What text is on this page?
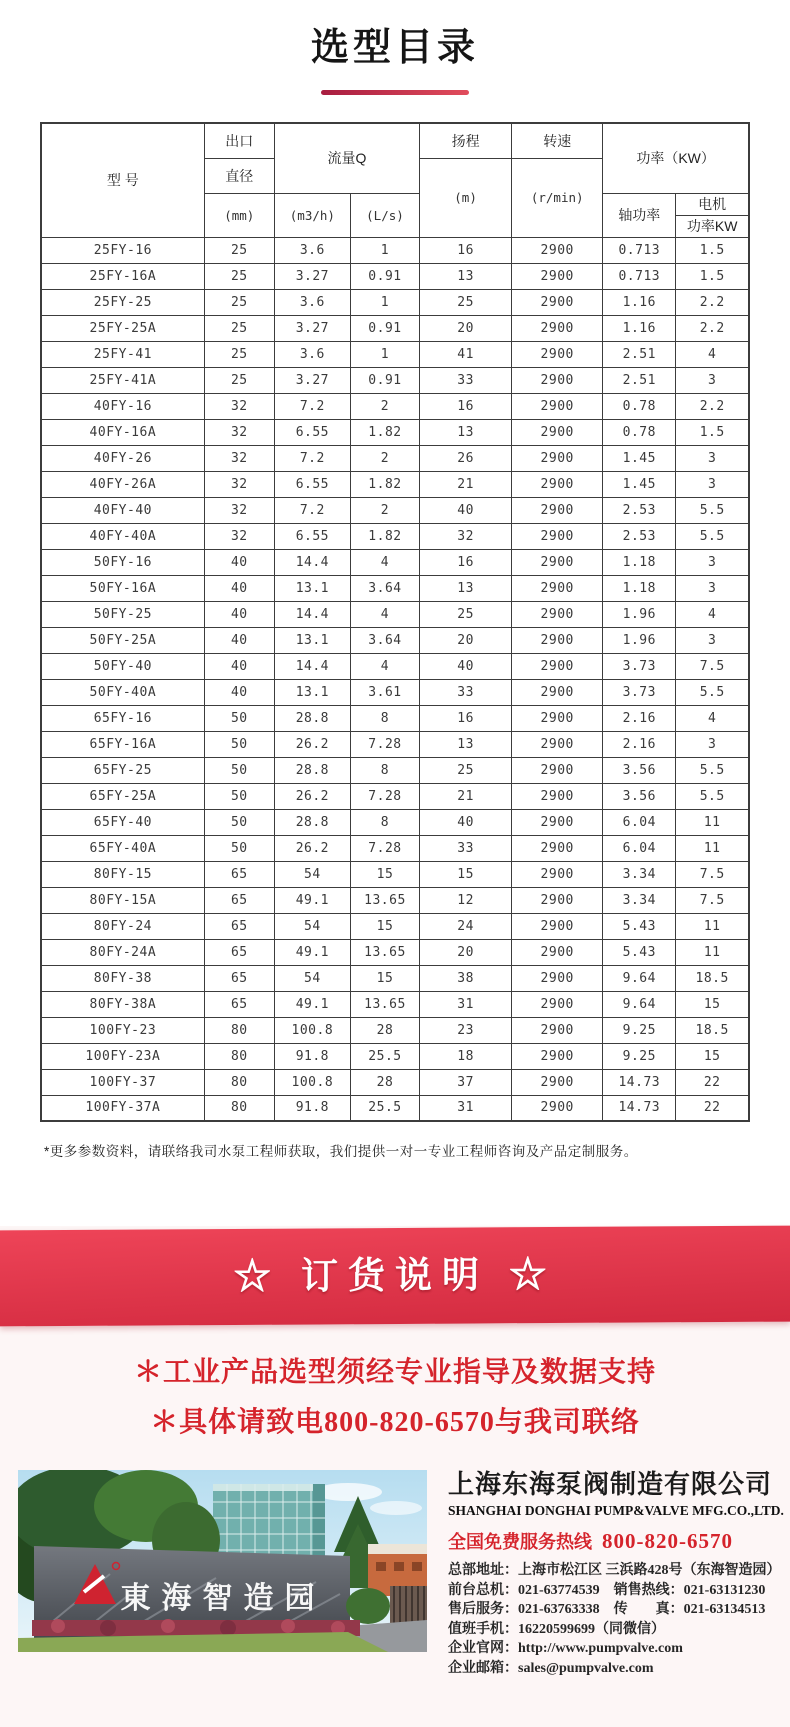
选型目录
型 号	出口	流量Q		扬程	转速	功率（KW）	
	直径			(m)	(r/min)		
	(mm)	(m3/h)	(L/s)			轴功率	电机
							功率KW
25FY-16	25	3.6	1	16	2900	0.713	1.5
25FY-16A	25	3.27	0.91	13	2900	0.713	1.5
25FY-25	25	3.6	1	25	2900	1.16	2.2
25FY-25A	25	3.27	0.91	20	2900	1.16	2.2
25FY-41	25	3.6	1	41	2900	2.51	4
25FY-41A	25	3.27	0.91	33	2900	2.51	3
40FY-16	32	7.2	2	16	2900	0.78	2.2
40FY-16A	32	6.55	1.82	13	2900	0.78	1.5
40FY-26	32	7.2	2	26	2900	1.45	3
40FY-26A	32	6.55	1.82	21	2900	1.45	3
40FY-40	32	7.2	2	40	2900	2.53	5.5
40FY-40A	32	6.55	1.82	32	2900	2.53	5.5
50FY-16	40	14.4	4	16	2900	1.18	3
50FY-16A	40	13.1	3.64	13	2900	1.18	3
50FY-25	40	14.4	4	25	2900	1.96	4
50FY-25A	40	13.1	3.64	20	2900	1.96	3
50FY-40	40	14.4	4	40	2900	3.73	7.5
50FY-40A	40	13.1	3.61	33	2900	3.73	5.5
65FY-16	50	28.8	8	16	2900	2.16	4
65FY-16A	50	26.2	7.28	13	2900	2.16	3
65FY-25	50	28.8	8	25	2900	3.56	5.5
65FY-25A	50	26.2	7.28	21	2900	3.56	5.5
65FY-40	50	28.8	8	40	2900	6.04	11
65FY-40A	50	26.2	7.28	33	2900	6.04	11
80FY-15	65	54	15	15	2900	3.34	7.5
80FY-15A	65	49.1	13.65	12	2900	3.34	7.5
80FY-24	65	54	15	24	2900	5.43	11
80FY-24A	65	49.1	13.65	20	2900	5.43	11
80FY-38	65	54	15	38	2900	9.64	18.5
80FY-38A	65	49.1	13.65	31	2900	9.64	15
100FY-23	80	100.8	28	23	2900	9.25	18.5
100FY-23A	80	91.8	25.5	18	2900	9.25	15
100FY-37	80	100.8	28	37	2900	14.73	22
100FY-37A	80	91.8	25.5	31	2900	14.73	22

*更多参数资料，请联络我司水泵工程师获取，我们提供一对一专业工程师咨询及产品定制服务。

☆ 订货说明 ☆
＊工业产品选型须经专业指导及数据支持
＊具体请致电800-820-6570与我司联络
東海智造园
上海东海泵阀制造有限公司
SHANGHAI DONGHAI PUMP&VALVE MFG.CO.,LTD.
全国免费服务热线 800-820-6570
总部地址：上海市松江区 三浜路428号（东海智造园）
前台总机：021-63774539　销售热线：021-63131230
售后服务：021-63763338　传　　真：021-63134513
值班手机：16220599699（同微信）
企业官网：http://www.pumpvalve.com
企业邮箱：sales@pumpvalve.com
